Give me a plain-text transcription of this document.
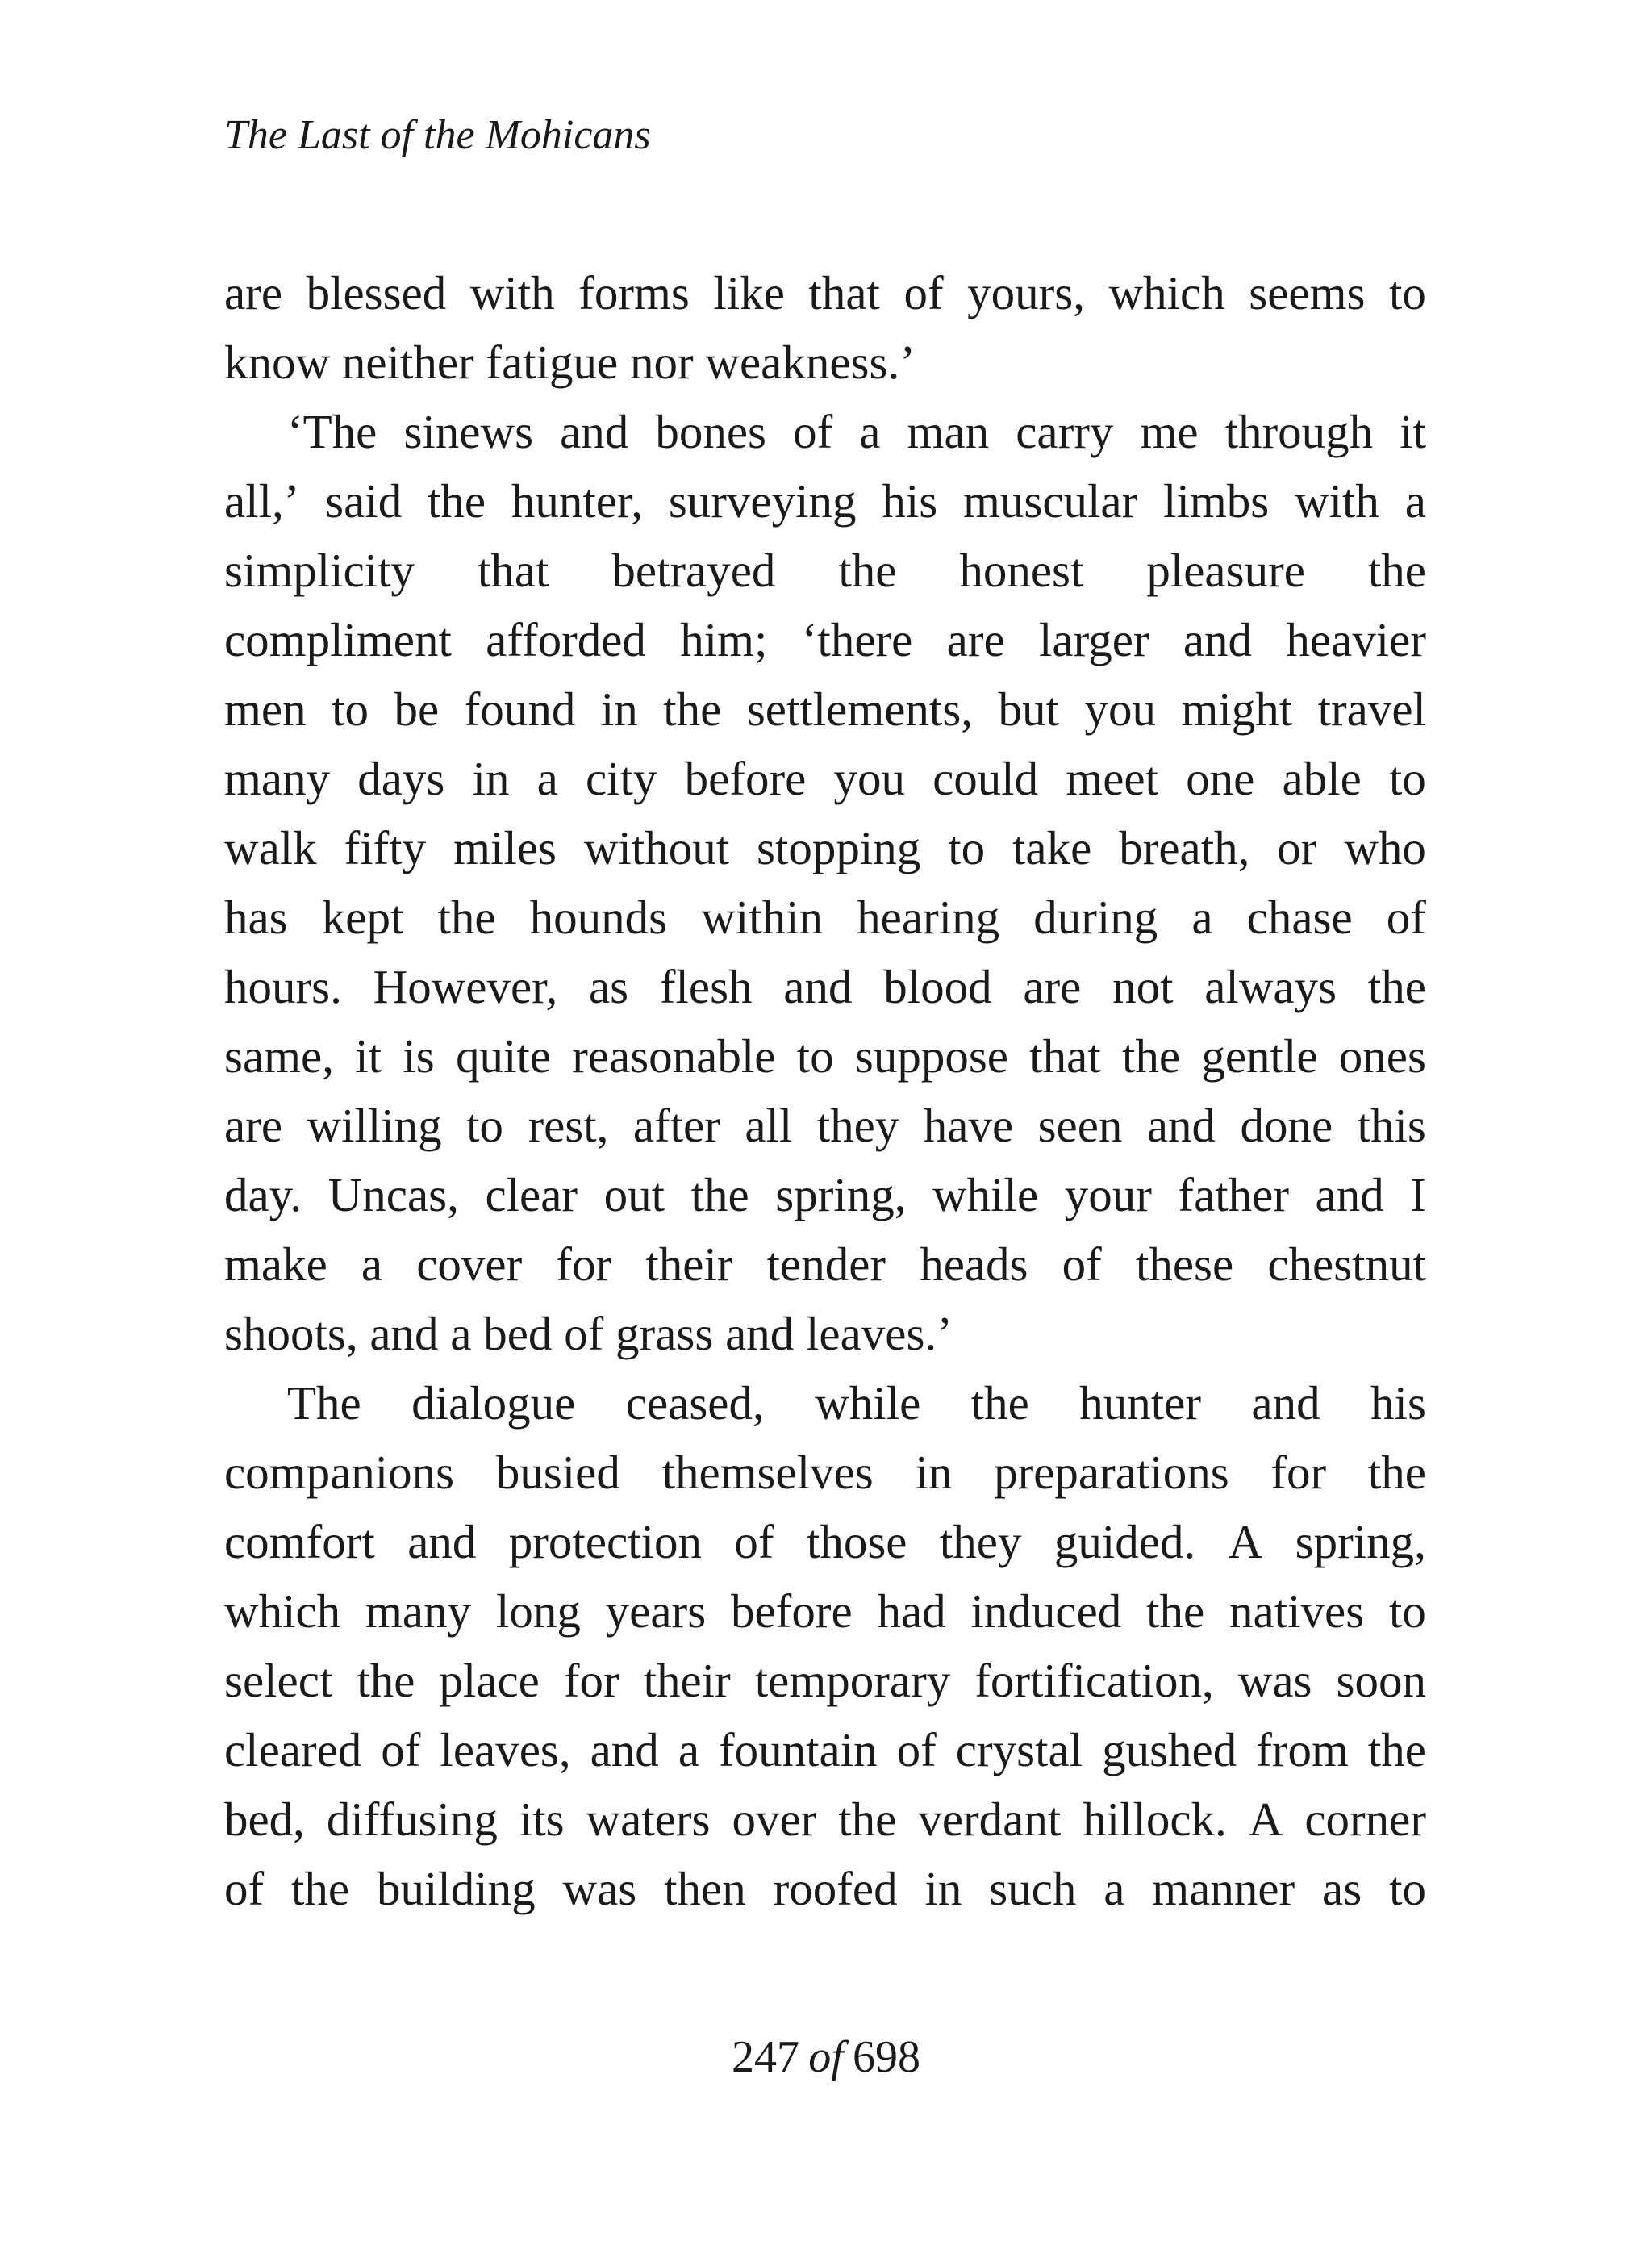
The Last of the Mohicans
are blessed with forms like that of yours, which seems to
know neither fatigue nor weakness.’
‘The sinews and bones of a man carry me through it
all,’ said the hunter, surveying his muscular limbs with a
simplicity that betrayed the honest pleasure the
compliment afforded him; ‘there are larger and heavier
men to be found in the settlements, but you might travel
many days in a city before you could meet one able to
walk fifty miles without stopping to take breath, or who
has kept the hounds within hearing during a chase of
hours. However, as flesh and blood are not always the
same, it is quite reasonable to suppose that the gentle ones
are willing to rest, after all they have seen and done this
day. Uncas, clear out the spring, while your father and I
make a cover for their tender heads of these chestnut
shoots, and a bed of grass and leaves.’
The dialogue ceased, while the hunter and his
companions busied themselves in preparations for the
comfort and protection of those they guided. A spring,
which many long years before had induced the natives to
select the place for their temporary fortification, was soon
cleared of leaves, and a fountain of crystal gushed from the
bed, diffusing its waters over the verdant hillock. A corner
of the building was then roofed in such a manner as to
247 of 698
